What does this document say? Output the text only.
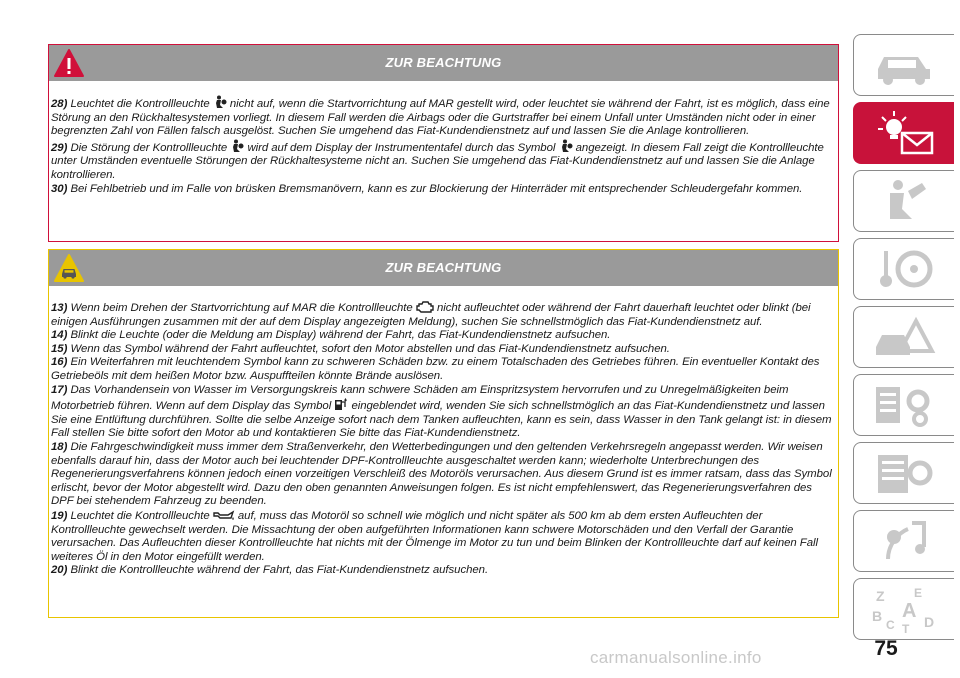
ZUR BEACHTUNG

28) Leuchtet die Kontrollleuchte nicht auf, wenn die Startvorrichtung auf MAR gestellt wird, oder leuchtet sie während der Fahrt, ist es möglich, dass eine Störung an den Rückhaltesystemen vorliegt. In diesem Fall werden die Airbags oder die Gurtstraffer bei einem Unfall unter Umständen nicht oder in einer begrenzten Zahl von Fällen falsch ausgelöst. Suchen Sie umgehend das Fiat-Kundendienstnetz auf und lassen Sie die Anlage kontrollieren.

29) Die Störung der Kontrollleuchte wird auf dem Display der Instrumententafel durch das Symbol angezeigt. In diesem Fall zeigt die Kontrollleuchte unter Umständen eventuelle Störungen der Rückhaltesysteme nicht an. Suchen Sie umgehend das Fiat-Kundendienstnetz auf und lassen Sie die Anlage kontrollieren.

30) Bei Fehlbetrieb und im Falle von brüsken Bremsmanövern, kann es zur Blockierung der Hinterräder mit entsprechender Schleudergefahr kommen.

ZUR BEACHTUNG

13) Wenn beim Drehen der Startvorrichtung auf MAR die Kontrollleuchte nicht aufleuchtet oder während der Fahrt dauerhaft leuchtet oder blinkt (bei einigen Ausführungen zusammen mit der auf dem Display angezeigten Meldung), suchen Sie schnellstmöglich das Fiat-Kundendienstnetz auf.

14) Blinkt die Leuchte (oder die Meldung am Display) während der Fahrt, das Fiat-Kundendienstnetz aufsuchen.

15) Wenn das Symbol während der Fahrt aufleuchtet, sofort den Motor abstellen und das Fiat-Kundendienstnetz aufsuchen.

16) Ein Weiterfahren mit leuchtendem Symbol kann zu schweren Schäden bzw. zu einem Totalschaden des Getriebes führen. Ein eventueller Kontakt des Getriebeöls mit dem heißen Motor bzw. Auspuffteilen könnte Brände auslösen.

17) Das Vorhandensein von Wasser im Versorgungskreis kann schwere Schäden am Einspritzsystem hervorrufen und zu Unregelmäßigkeiten beim Motorbetrieb führen. Wenn auf dem Display das Symbol eingeblendet wird, wenden Sie sich schnellstmöglich an das Fiat-Kundendienstnetz und lassen Sie eine Entlüftung durchführen. Sollte die selbe Anzeige sofort nach dem Tanken aufleuchten, kann es sein, dass Wasser in den Tank gelangt ist: in diesem Fall stellen Sie bitte sofort den Motor ab und kontaktieren Sie bitte das Fiat-Kundendienstnetz.

18) Die Fahrgeschwindigkeit muss immer dem Straßenverkehr, den Wetterbedingungen und den geltenden Verkehrsregeln angepasst werden. Wir weisen ebenfalls darauf hin, dass der Motor auch bei leuchtender DPF-Kontrollleuchte ausgeschaltet werden kann; wiederholte Unterbrechungen des Regenerierungsverfahrens können jedoch einen vorzeitigen Verschleiß des Motoröls verursachen. Aus diesem Grund ist es immer ratsam, dass das Symbol erlischt, bevor der Motor abgestellt wird. Dazu den oben genannten Anweisungen folgen. Es ist nicht empfehlenswert, das Regenerierungsverfahren des DPF bei stehendem Fahrzeug zu beenden.

19) Leuchtet die Kontrollleuchte auf, muss das Motoröl so schnell wie möglich und nicht später als 500 km ab dem ersten Aufleuchten der Kontrollleuchte gewechselt werden. Die Missachtung der oben aufgeführten Informationen kann schwere Motorschäden und den Verfall der Garantie verursachen. Das Aufleuchten dieser Kontrollleuchte hat nichts mit der Ölmenge im Motor zu tun und beim Blinken der Kontrollleuchte darf auf keinen Fall weiteres Öl in den Motor eingefüllt werden.

20) Blinkt die Kontrollleuchte während der Fahrt, das Fiat-Kundendienstnetz aufsuchen.

Z E
B A
C D
T
75
carmanualsonline.info
